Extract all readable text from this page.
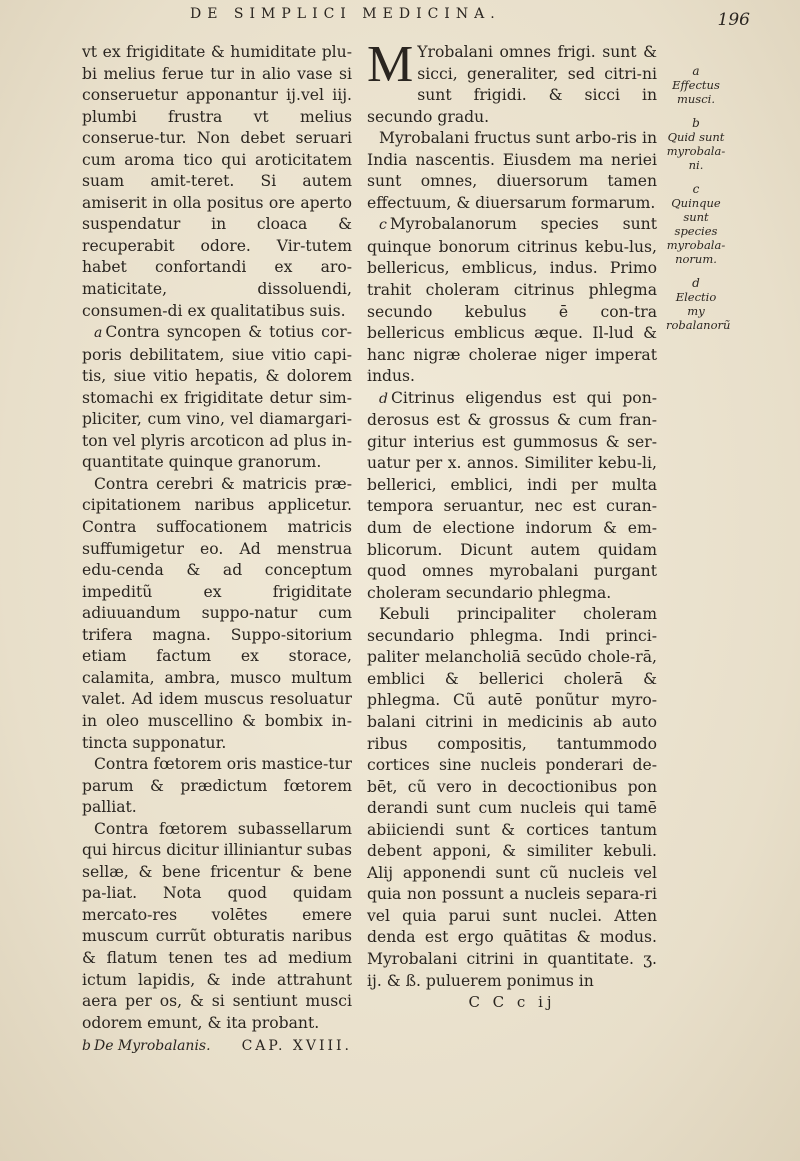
DE SIMPLICI MEDICINA.	196

vt ex frigiditate & humiditate plu-bi melius ferue tur in alio vase si conseruetur apponantur ij.vel iij. plumbi frustra vt melius conserue-tur. Non debet seruari cum aroma tico qui aroticitatem suam amit-teret. Si autem amiserit in olla positus ore aperto suspendatur in cloaca & recuperabit odore. Vir-tutem habet confortandi ex aro-maticitate, dissoluendi, consumen-di ex qualitatibus suis.

a Contra syncopen & totius cor-poris debilitatem, siue vitio capi-tis, siue vitio hepatis, & dolorem stomachi ex frigiditate detur sim-pliciter, cum vino, vel diamargari-ton vel plyris arcoticon ad plus in-quantitate quinque granorum.

Contra cerebri & matricis præ-cipitationem naribus applicetur. Contra suffocationem matricis suffumigetur eo. Ad menstrua edu-cenda & ad conceptum impeditũ ex frigiditate adiuuandum suppo-natur cum trifera magna. Suppo-sitorium etiam factum ex storace, calamita, ambra, musco multum valet. Ad idem muscus resoluatur in oleo muscellino & bombix in-tincta supponatur.

Contra fœtorem oris mastice-tur parum & prædictum fœtorem palliat.

Contra fœtorem subassellarum qui hircus dicitur illiniantur subas sellæ, & bene fricentur & bene pa-liat. Nota quod quidam mercato-res volētes emere muscum currũt obturatis naribus & flatum tenen tes ad medium ictum lapidis, & inde attrahunt aera per os, & si sentiunt musci odorem emunt, & ita probant.

b De Myrobalanis. CAP. XVIII.

M Yrobalani omnes frigi. sunt & sicci, generaliter, sed citri-ni sunt frigidi. & sicci in secundo gradu.

Myrobalani fructus sunt arbo-ris in India nascentis. Eiusdem ma neriei sunt omnes, diuersorum tamen effectuum, & diuersarum formarum.

c Myrobalanorum species sunt quinque bonorum citrinus kebu-lus, bellericus, emblicus, indus. Primo trahit choleram citrinus phlegma secundo kebulus ē con-tra bellericus emblicus æque. Il-lud & hanc nigræ cholerae niger imperat indus.

d Citrinus eligendus est qui pon-derosus est & grossus & cum fran-gitur interius est gummosus & ser-uatur per x. annos. Similiter kebu-li, bellerici, emblici, indi per multa tempora seruantur, nec est curan-dum de electione indorum & em-blicorum. Dicunt autem quidam quod omnes myrobalani purgant choleram secundario phlegma.

Kebuli principaliter choleram secundario phlegma. Indi princi-paliter melancholiā secūdo chole-rā, emblici & bellerici cholerā & phlegma. Cũ autē ponũtur myro-balani citrini in medicinis ab auto ribus compositis, tantummodo cortices sine nucleis ponderari de-bēt, cũ vero in decoctionibus pon derandi sunt cum nucleis qui tamē abiiciendi sunt & cortices tantum debent apponi, & similiter kebuli. Alij apponendi sunt cũ nucleis vel quia non possunt a nucleis separa-ri vel quia parui sunt nuclei. Atten denda est ergo quātitas & modus. Myrobalani citrini in quantitate. ʒ. ij. & ß. puluerem ponimus in

C C c ij
a
Effectus musci.
b
Quid sunt myrobala-ni.
c
Quinque sunt species myrobala-norum.
d
Electio my robalanorũ
